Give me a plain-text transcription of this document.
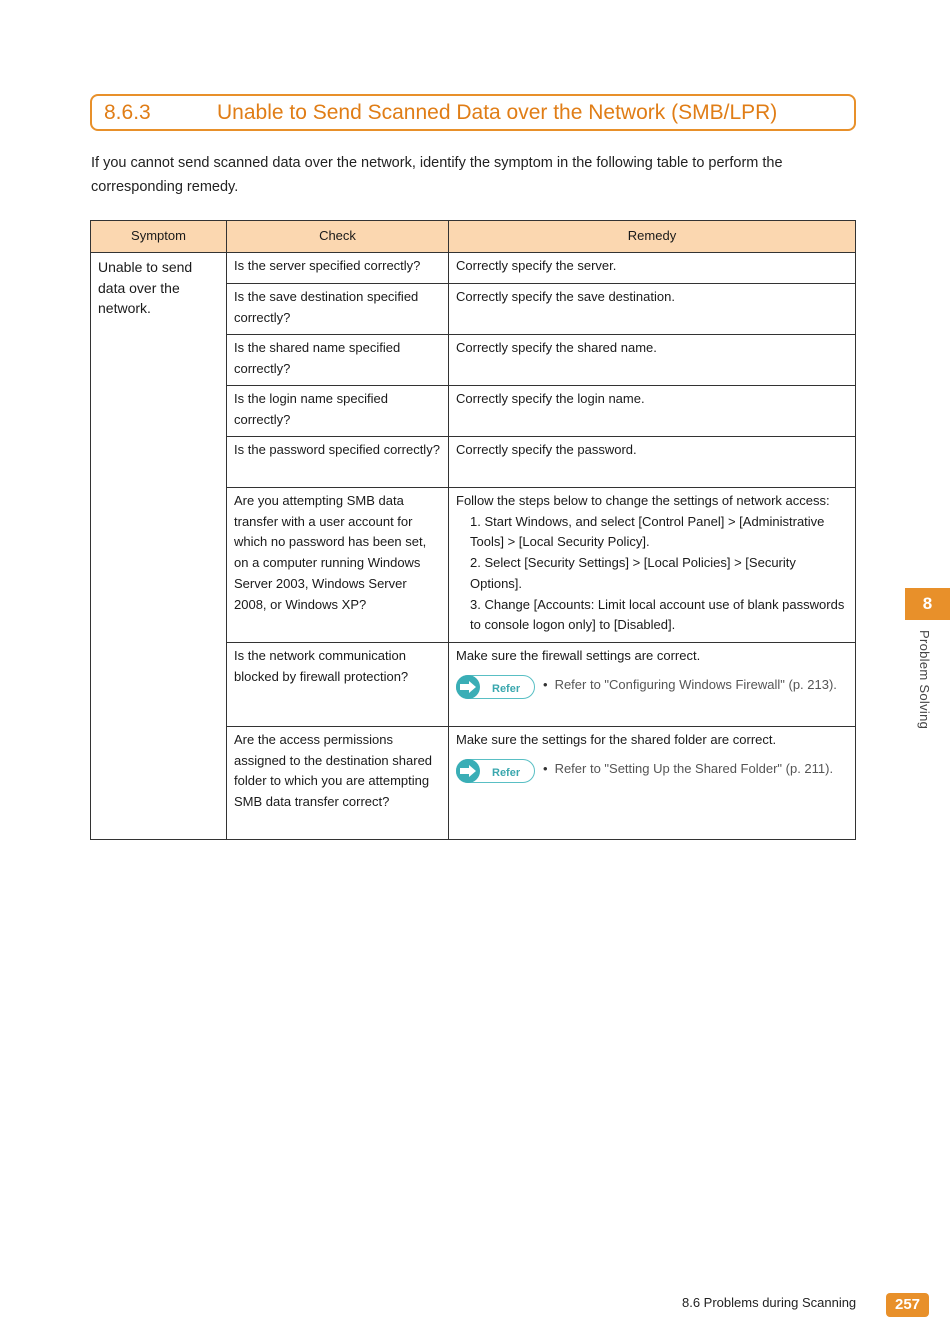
8.6.3	Unable to Send Scanned Data over the Network (SMB/LPR)
If you cannot send scanned data over the network, identify the symptom in the following table to perform the corresponding remedy.
Symptom	Check	Remedy
Unable to send data over the network.	Is the server specified correctly?	Correctly specify the server.
	Is the save destination specified correctly?	Correctly specify the save destination.
	Is the shared name specified correctly?	Correctly specify the shared name.
	Is the login name specified correctly?	Correctly specify the login name.
	Is the password specified correctly?	Correctly specify the password.
	Are you attempting SMB data transfer with a user account for which no password has been set, on a computer running Windows Server 2003, Windows Server 2008, or Windows XP?	Follow the steps below to change the settings of network access:
1. Start Windows, and select [Control Panel] > [Administrative Tools] > [Local Security Policy].
2. Select [Security Settings] > [Local Policies] > [Security Options].
3. Change [Accounts: Limit local account use of blank passwords to console logon only] to [Disabled].

	Is the network communication blocked by firewall protection?	Make sure the firewall settings are correct.
Refer • Refer to "Configuring Windows Firewall" (p. 213).

	Are the access permissions assigned to the destination shared folder to which you are attempting SMB data transfer correct?	Make sure the settings for the shared folder are correct.
Refer • Refer to "Setting Up the Shared Folder" (p. 211).
8
Problem Solving
8.6 Problems during Scanning	257
